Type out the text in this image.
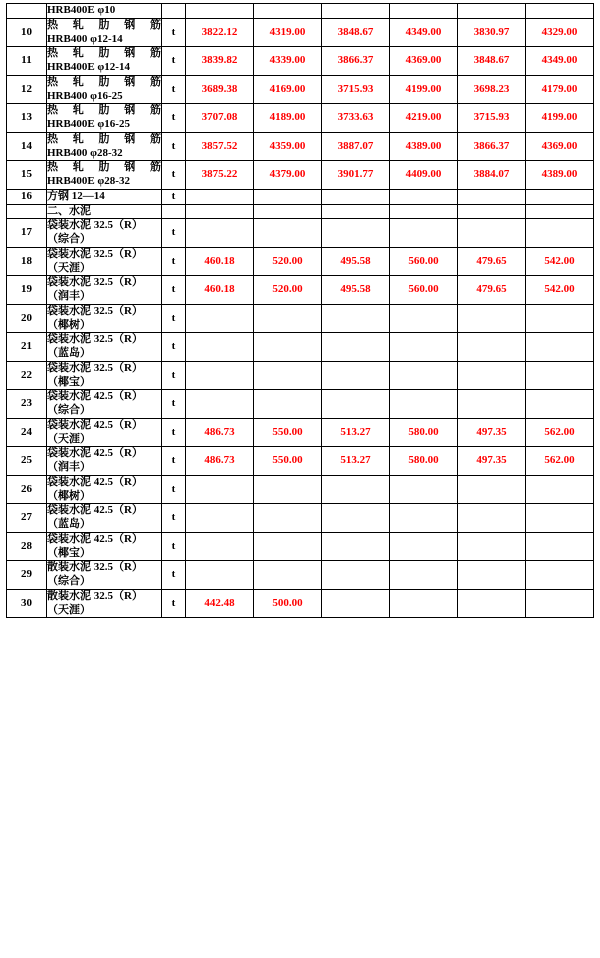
	HRB400E φ10							

10	热 轧 肋 钢 筋
HRB400 φ12-14	t	3822.12	4319.00	3848.67	4349.00	3830.97	4329.00
11	热 轧 肋 钢 筋
HRB400E φ12-14	t	3839.82	4339.00	3866.37	4369.00	3848.67	4349.00
12	热 轧 肋 钢 筋
HRB400 φ16-25	t	3689.38	4169.00	3715.93	4199.00	3698.23	4179.00
13	热 轧 肋 钢 筋
HRB400E φ16-25	t	3707.08	4189.00	3733.63	4219.00	3715.93	4199.00
14	热 轧 肋 钢 筋
HRB400 φ28-32	t	3857.52	4359.00	3887.07	4389.00	3866.37	4369.00
15	热 轧 肋 钢 筋
HRB400E φ28-32	t	3875.22	4379.00	3901.77	4409.00	3884.07	4389.00
16	方钢 12—14	t						
	二、水泥							
17	袋装水泥 32.5（R）
（综合）	t						
18	袋装水泥 32.5（R）
（天涯）	t	460.18	520.00	495.58	560.00	479.65	542.00
19	袋装水泥 32.5（R）
（润丰）	t	460.18	520.00	495.58	560.00	479.65	542.00
20	袋装水泥 32.5（R）
（椰树）	t						
21	袋装水泥 32.5（R）
（蓝岛）	t						
22	袋装水泥 32.5（R）
（椰宝）	t						
23	袋装水泥 42.5（R）
（综合）	t						
24	袋装水泥 42.5（R）
（天涯）	t	486.73	550.00	513.27	580.00	497.35	562.00
25	袋装水泥 42.5（R）
（润丰）	t	486.73	550.00	513.27	580.00	497.35	562.00
26	袋装水泥 42.5（R）
（椰树）	t						
27	袋装水泥 42.5（R）
（蓝岛）	t						
28	袋装水泥 42.5（R）
（椰宝）	t						
29	散装水泥 32.5（R）
（综合）	t						
30	散装水泥 32.5（R）
（天涯）	t	442.48	500.00				
